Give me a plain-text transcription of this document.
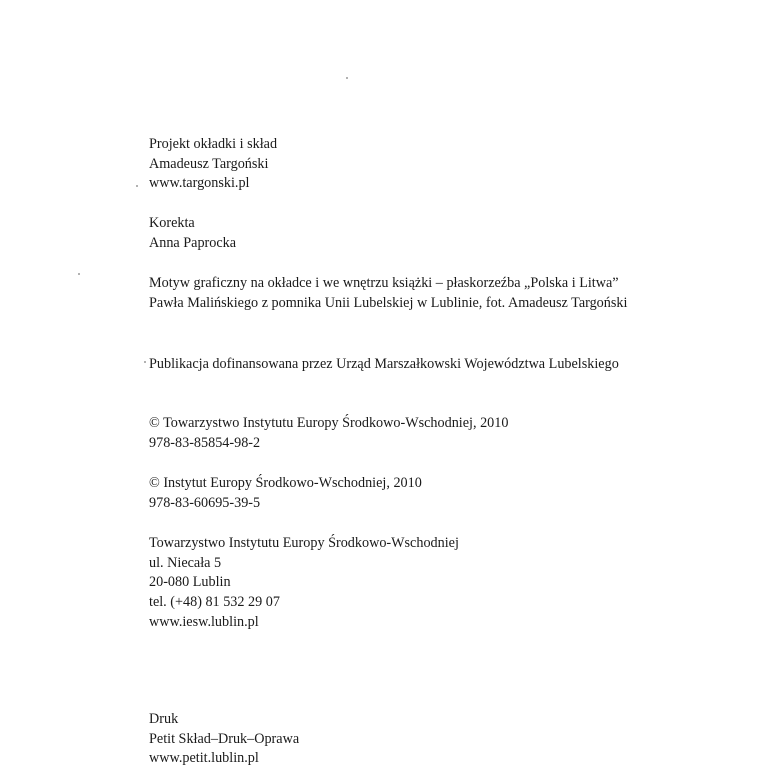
Projekt okładki i skład
Amadeusz Targoński
www.targonski.pl
Korekta
Anna Paprocka
Motyw graficzny na okładce i we wnętrzu książki – płaskorzeźba „Polska i Litwa”
Pawła Malińskiego z pomnika Unii Lubelskiej w Lublinie, fot. Amadeusz Targoński
Publikacja dofinansowana przez Urząd Marszałkowski Województwa Lubelskiego
© Towarzystwo Instytutu Europy Środkowo-Wschodniej, 2010
978-83-85854-98-2
© Instytut Europy Środkowo-Wschodniej, 2010
978-83-60695-39-5
Towarzystwo Instytutu Europy Środkowo-Wschodniej
ul. Niecała 5
20-080 Lublin
tel. (+48) 81 532 29 07
www.iesw.lublin.pl
Druk
Petit Skład–Druk–Oprawa
www.petit.lublin.pl
